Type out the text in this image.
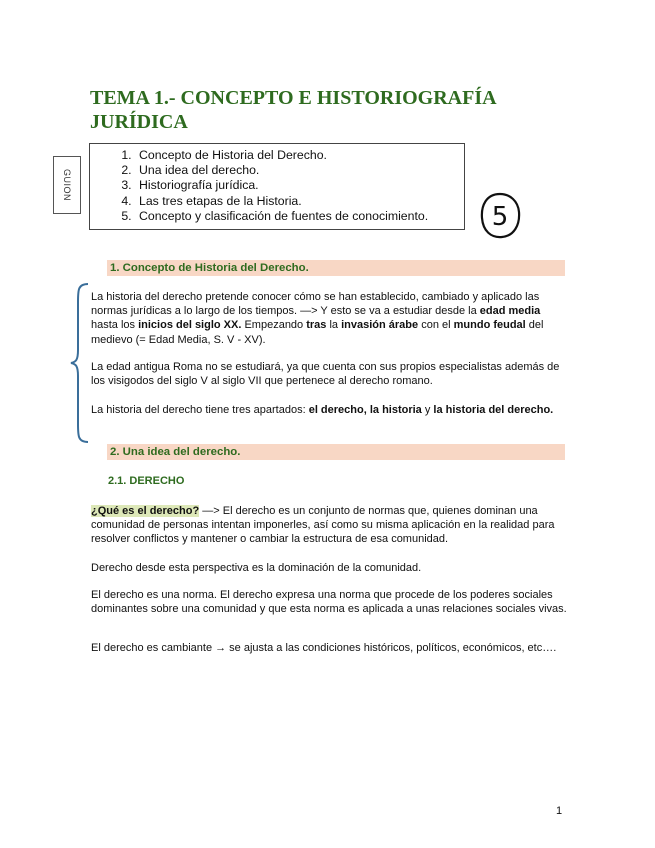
TEMA 1.- CONCEPTO E HISTORIOGRAFÍA JURÍDICA
GUION
1. Concepto de Historia del Derecho.
2. Una idea del derecho.
3. Historiografía jurídica.
4. Las tres etapas de la Historia.
5. Concepto y clasificación de fuentes de conocimiento.	5
1. Concepto de Historia del Derecho.

La historia del derecho pretende conocer cómo se han establecido, cambiado y aplicado las normas jurídicas a lo largo de los tiempos. —> Y esto se va a estudiar desde la edad media hasta los inicios del siglo XX. Empezando tras la invasión árabe con el mundo feudal del medievo (= Edad Media, S. V - XV).

La edad antigua Roma no se estudiará, ya que cuenta con sus propios especialistas además de los visigodos del siglo V al siglo VII que pertenece al derecho romano.

La historia del derecho tiene tres apartados: el derecho, la historia y la historia del derecho.

2. Una idea del derecho.
2.1. DERECHO

¿Qué es el derecho? —> El derecho es un conjunto de normas que, quienes dominan una comunidad de personas intentan imponerles, así como su misma aplicación en la realidad para resolver conflictos y mantener o cambiar la estructura de esa comunidad.

Derecho desde esta perspectiva es la dominación de la comunidad.

El derecho es una norma. El derecho expresa una norma que procede de los poderes sociales dominantes sobre una comunidad y que esta norma es aplicada a unas relaciones sociales vivas.

El derecho es cambiante → se ajusta a las condiciones históricos, políticos, económicos, etc….

1
